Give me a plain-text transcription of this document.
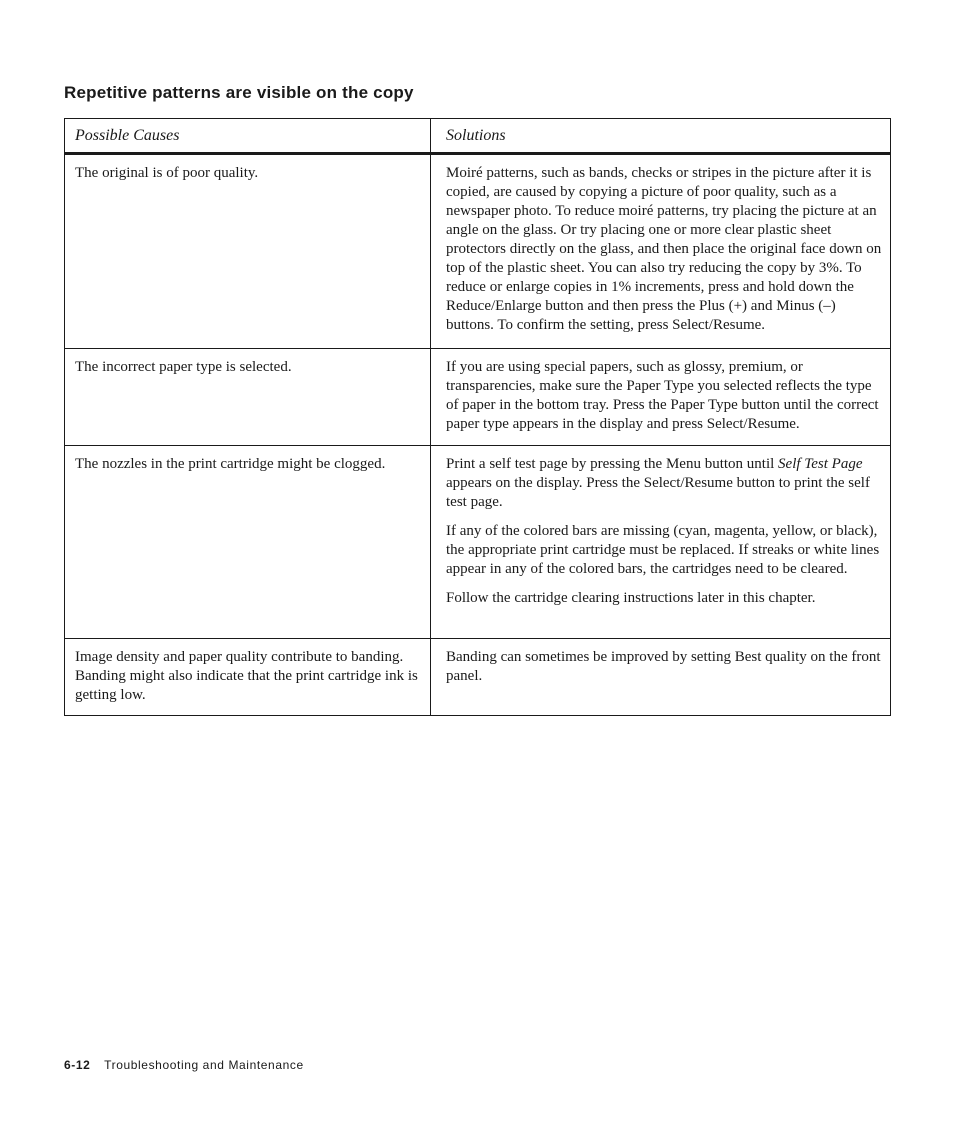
Repetitive patterns are visible on the copy
Possible Causes	Solutions

The original is of poor quality.	Moiré patterns, such as bands, checks or stripes in the picture after it is copied, are caused by copying a picture of poor quality, such as a newspaper photo. To reduce moiré patterns, try placing the picture at an angle on the glass. Or try placing one or more clear plastic sheet protectors directly on the glass, and then place the original face down on top of the plastic sheet. You can also try reducing the copy by 3%. To reduce or enlarge copies in 1% increments, press and hold down the Reduce/Enlarge button and then press the Plus (+) and Minus (–) buttons. To confirm the setting, press Select/Resume.

The incorrect paper type is selected.	If you are using special papers, such as glossy, premium, or transparencies, make sure the Paper Type you selected reflects the type of paper in the bottom tray. Press the Paper Type button until the correct paper type appears in the display and press Select/Resume.

The nozzles in the print cartridge might be clogged.	Print a self test page by pressing the Menu button until Self Test Page appears on the display. Press the Select/Resume button to print the self test page.

If any of the colored bars are missing (cyan, magenta, yellow, or black), the appropriate print cartridge must be replaced. If streaks or white lines appear in any of the colored bars, the cartridges need to be cleared.

Follow the cartridge clearing instructions later in this chapter.

Image density and paper quality contribute to banding. Banding might also indicate that the print cartridge ink is getting low.	Banding can sometimes be improved by setting Best quality on the front panel.

6-12 Troubleshooting and Maintenance
